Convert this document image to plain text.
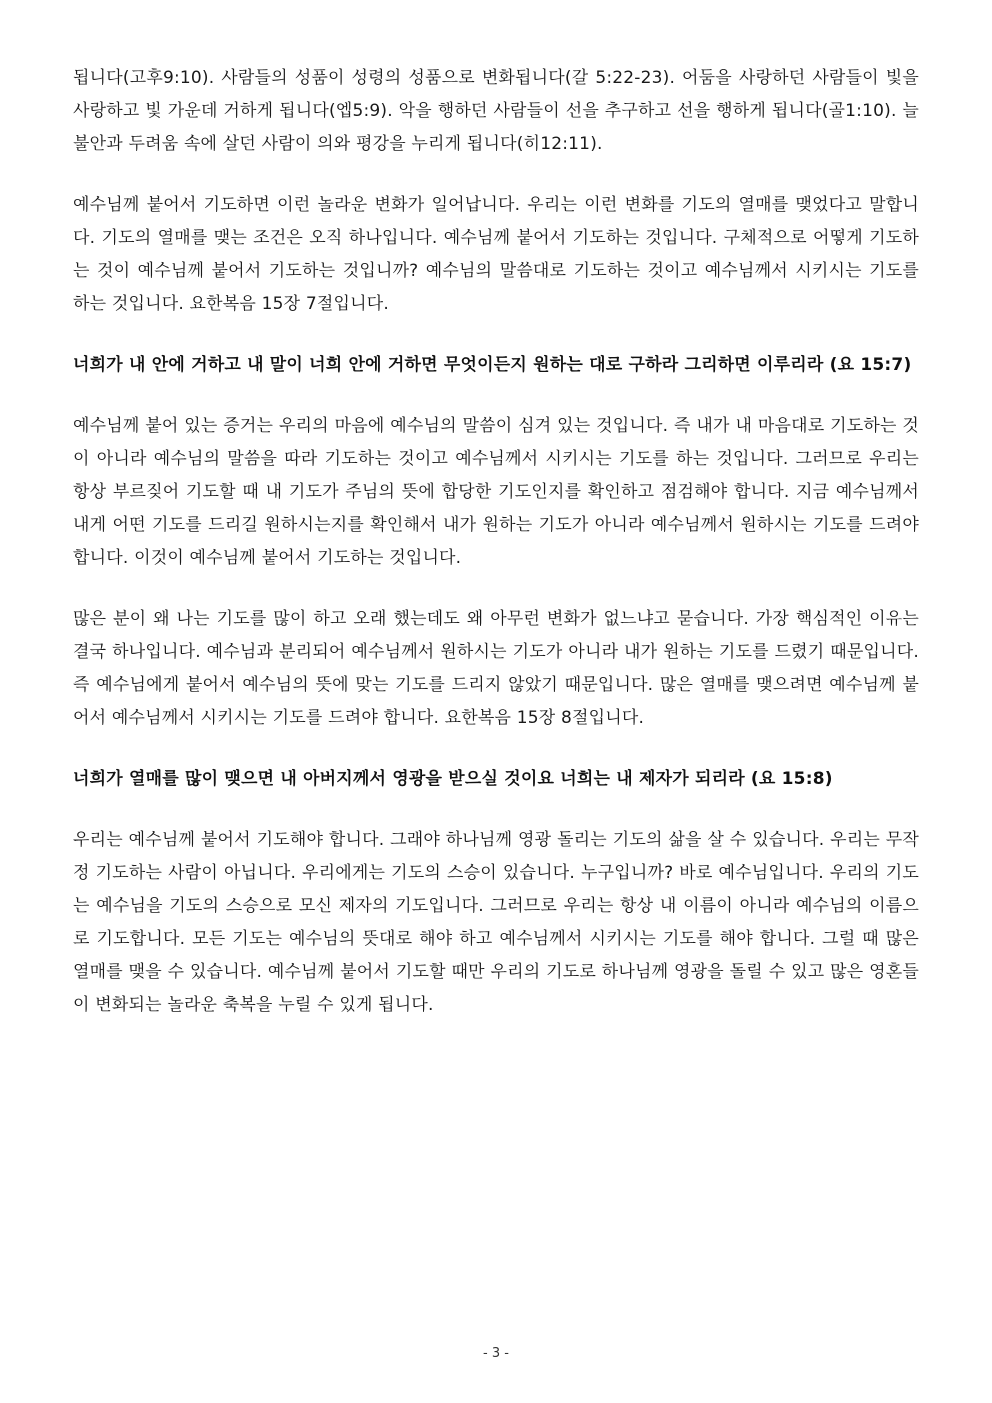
됩니다(고후9:10). 사람들의 성품이 성령의 성품으로 변화됩니다(갈 5:22-23). 어둠을 사랑하던 사람들이 빛을 사랑하고 빛 가운데 거하게 됩니다(엡5:9). 악을 행하던 사람들이 선을 추구하고 선을 행하게 됩니다(골1:10). 늘 불안과 두려움 속에 살던 사람이 의와 평강을 누리게 됩니다(히12:11).

예수님께 붙어서 기도하면 이런 놀라운 변화가 일어납니다. 우리는 이런 변화를 기도의 열매를 맺었다고 말합니다. 기도의 열매를 맺는 조건은 오직 하나입니다. 예수님께 붙어서 기도하는 것입니다. 구체적으로 어떻게 기도하는 것이 예수님께 붙어서 기도하는 것입니까? 예수님의 말씀대로 기도하는 것이고 예수님께서 시키시는 기도를 하는 것입니다. 요한복음 15장 7절입니다.

너희가 내 안에 거하고 내 말이 너희 안에 거하면 무엇이든지 원하는 대로 구하라 그리하면 이루리라 (요 15:7)

예수님께 붙어 있는 증거는 우리의 마음에 예수님의 말씀이 심겨 있는 것입니다. 즉 내가 내 마음대로 기도하는 것이 아니라 예수님의 말씀을 따라 기도하는 것이고 예수님께서 시키시는 기도를 하는 것입니다. 그러므로 우리는 항상 부르짖어 기도할 때 내 기도가 주님의 뜻에 합당한 기도인지를 확인하고 점검해야 합니다. 지금 예수님께서 내게 어떤 기도를 드리길 원하시는지를 확인해서 내가 원하는 기도가 아니라 예수님께서 원하시는 기도를 드려야 합니다. 이것이 예수님께 붙어서 기도하는 것입니다.

많은 분이 왜 나는 기도를 많이 하고 오래 했는데도 왜 아무런 변화가 없느냐고 묻습니다. 가장 핵심적인 이유는 결국 하나입니다. 예수님과 분리되어 예수님께서 원하시는 기도가 아니라 내가 원하는 기도를 드렸기 때문입니다. 즉 예수님에게 붙어서 예수님의 뜻에 맞는 기도를 드리지 않았기 때문입니다. 많은 열매를 맺으려면 예수님께 붙어서 예수님께서 시키시는 기도를 드려야 합니다. 요한복음 15장 8절입니다.

너희가 열매를 많이 맺으면 내 아버지께서 영광을 받으실 것이요 너희는 내 제자가 되리라 (요 15:8)

우리는 예수님께 붙어서 기도해야 합니다. 그래야 하나님께 영광 돌리는 기도의 삶을 살 수 있습니다. 우리는 무작정 기도하는 사람이 아닙니다. 우리에게는 기도의 스승이 있습니다. 누구입니까? 바로 예수님입니다. 우리의 기도는 예수님을 기도의 스승으로 모신 제자의 기도입니다. 그러므로 우리는 항상 내 이름이 아니라 예수님의 이름으로 기도합니다. 모든 기도는 예수님의 뜻대로 해야 하고 예수님께서 시키시는 기도를 해야 합니다. 그럴 때 많은 열매를 맺을 수 있습니다. 예수님께 붙어서 기도할 때만 우리의 기도로 하나님께 영광을 돌릴 수 있고 많은 영혼들이 변화되는 놀라운 축복을 누릴 수 있게 됩니다.

- 3 -
